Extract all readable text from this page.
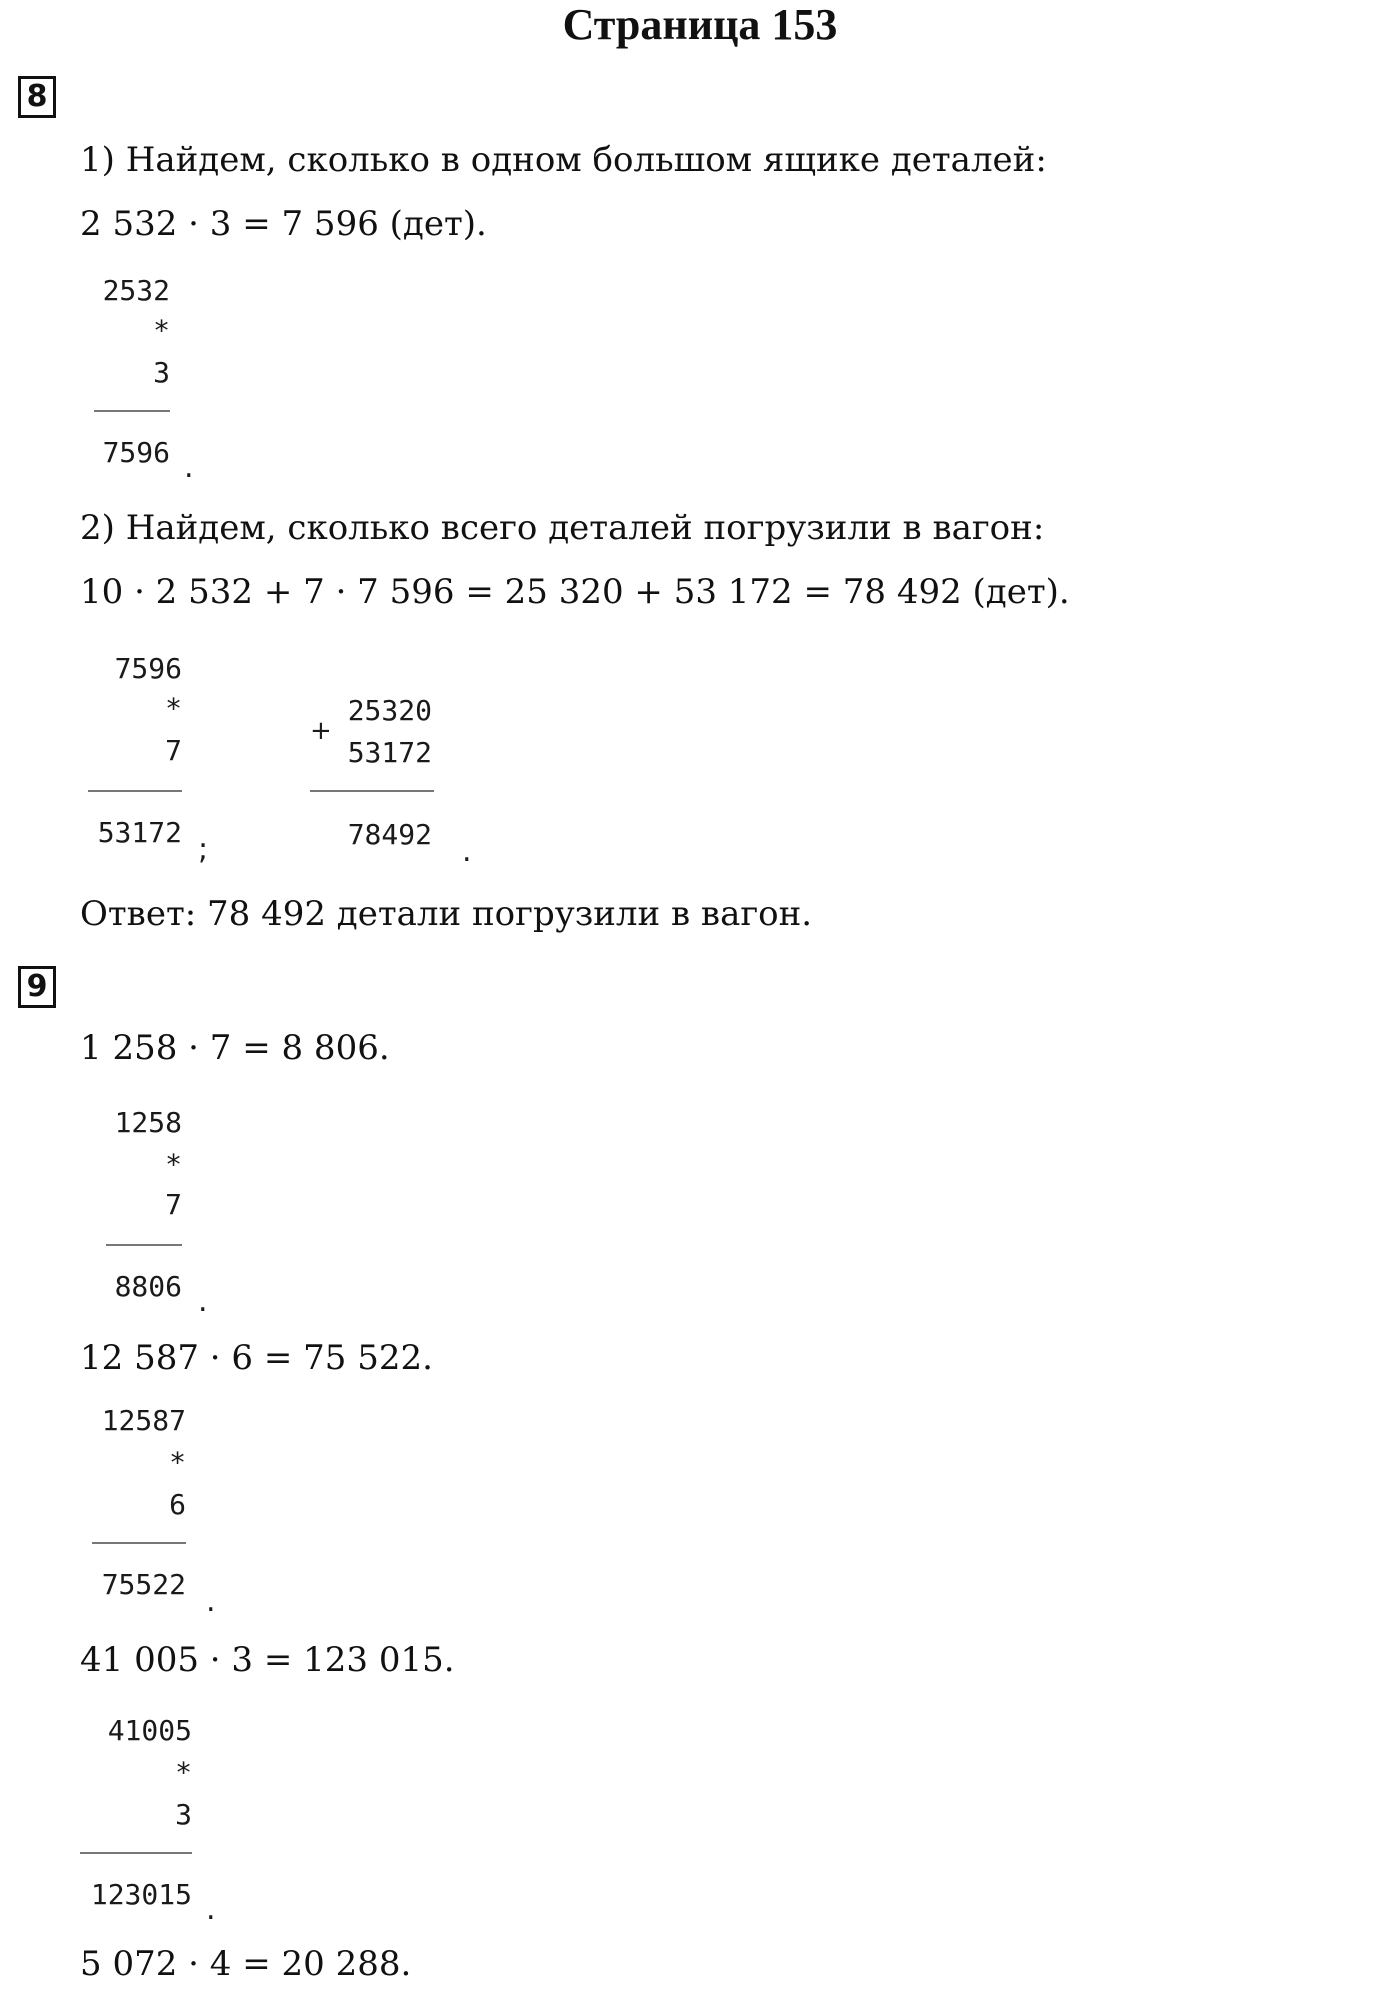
Страница 153
8
1) Найдем, сколько в одном большом ящике деталей:
2 532 · 3 = 7 596 (дет).
2532
*
3
7596 .
2) Найдем, сколько всего деталей погрузили в вагон:
10 · 2 532 + 7 · 7 596 = 25 320 + 53 172 = 78 492 (дет).
7596
*
7
53172 ;
+
25320
53172
78492 .
Ответ: 78 492 детали погрузили в вагон.
9
1 258 · 7 = 8 806.
1258
*
7
8806 .
12 587 · 6 = 75 522.
12587
*
6
75522 .
41 005 · 3 = 123 015.
41005
*
3
123015 .
5 072 · 4 = 20 288.
